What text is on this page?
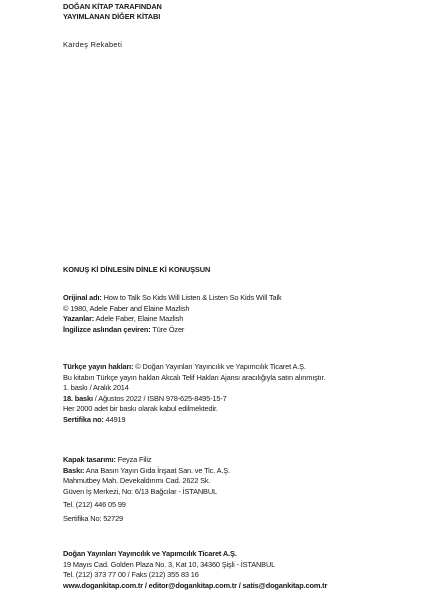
DOĞAN KİTAP TARAFINDAN
YAYIMLANAN DİĞER KİTABI
Kardeş Rekabeti
KONUŞ Kİ DİNLESİN DİNLE Kİ KONUŞSUN
Orijinal adı: How to Talk So Kids Will Listen & Listen So Kids Will Talk
© 1980, Adele Faber and Elaine Mazlish
Yazanlar: Adele Faber, Elaine Mazlish
İngilizce aslından çeviren: Türe Özer
Türkçe yayın hakları: © Doğan Yayınları Yayıncılık ve Yapımcılık Ticaret A.Ş.
Bu kitabın Türkçe yayın hakları Akcalı Telif Hakları Ajansı aracılığıyla satın alınmıştır.
1. baskı / Aralık 2014
18. baskı / Ağustos 2022 / ISBN 978-625-8495-15-7
Her 2000 adet bir baskı olarak kabul edilmektedir.
Sertifika no: 44919
Kapak tasarımı: Feyza Filiz
Baskı: Ana Basın Yayın Gıda İnşaat San. ve Tic. A.Ş.
Mahmutbey Mah. Devekaldırımı Cad. 2622 Sk.
Güven İş Merkezi, No: 6/13 Bağcılar - İSTANBUL
Tel. (212) 446 05 99
Sertifika No: 52729
Doğan Yayınları Yayıncılık ve Yapımcılık Ticaret A.Ş.
19 Mayıs Cad. Golden Plaza No. 3, Kat 10, 34360 Şişli - İSTANBUL
Tel. (212) 373 77 00 / Faks (212) 355 83 16
www.dogankitap.com.tr / editor@dogankitap.com.tr / satis@dogankitap.com.tr
